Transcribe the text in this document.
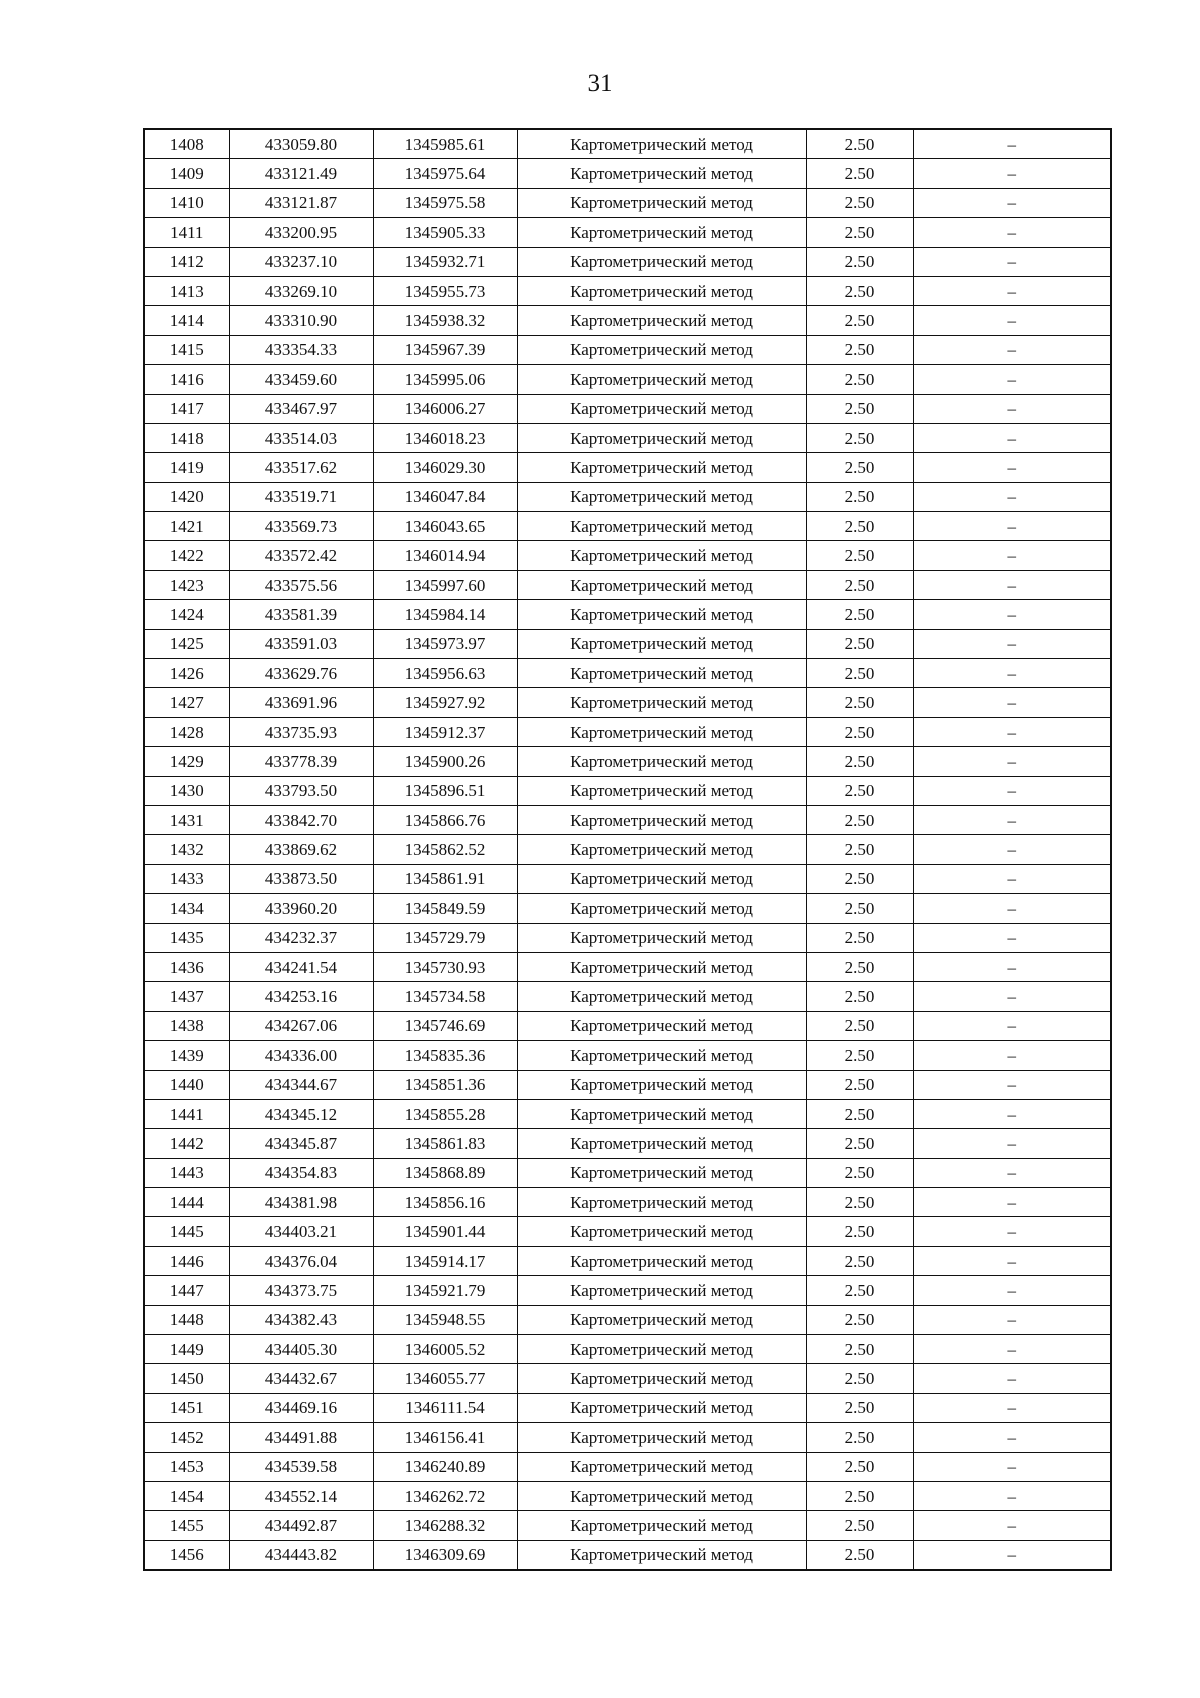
31
1408	433059.80	1345985.61	Картометрический метод	2.50	–
1409	433121.49	1345975.64	Картометрический метод	2.50	–
1410	433121.87	1345975.58	Картометрический метод	2.50	–
1411	433200.95	1345905.33	Картометрический метод	2.50	–
1412	433237.10	1345932.71	Картометрический метод	2.50	–
1413	433269.10	1345955.73	Картометрический метод	2.50	–
1414	433310.90	1345938.32	Картометрический метод	2.50	–
1415	433354.33	1345967.39	Картометрический метод	2.50	–
1416	433459.60	1345995.06	Картометрический метод	2.50	–
1417	433467.97	1346006.27	Картометрический метод	2.50	–
1418	433514.03	1346018.23	Картометрический метод	2.50	–
1419	433517.62	1346029.30	Картометрический метод	2.50	–
1420	433519.71	1346047.84	Картометрический метод	2.50	–
1421	433569.73	1346043.65	Картометрический метод	2.50	–
1422	433572.42	1346014.94	Картометрический метод	2.50	–
1423	433575.56	1345997.60	Картометрический метод	2.50	–
1424	433581.39	1345984.14	Картометрический метод	2.50	–
1425	433591.03	1345973.97	Картометрический метод	2.50	–
1426	433629.76	1345956.63	Картометрический метод	2.50	–
1427	433691.96	1345927.92	Картометрический метод	2.50	–
1428	433735.93	1345912.37	Картометрический метод	2.50	–
1429	433778.39	1345900.26	Картометрический метод	2.50	–
1430	433793.50	1345896.51	Картометрический метод	2.50	–
1431	433842.70	1345866.76	Картометрический метод	2.50	–
1432	433869.62	1345862.52	Картометрический метод	2.50	–
1433	433873.50	1345861.91	Картометрический метод	2.50	–
1434	433960.20	1345849.59	Картометрический метод	2.50	–
1435	434232.37	1345729.79	Картометрический метод	2.50	–
1436	434241.54	1345730.93	Картометрический метод	2.50	–
1437	434253.16	1345734.58	Картометрический метод	2.50	–
1438	434267.06	1345746.69	Картометрический метод	2.50	–
1439	434336.00	1345835.36	Картометрический метод	2.50	–
1440	434344.67	1345851.36	Картометрический метод	2.50	–
1441	434345.12	1345855.28	Картометрический метод	2.50	–
1442	434345.87	1345861.83	Картометрический метод	2.50	–
1443	434354.83	1345868.89	Картометрический метод	2.50	–
1444	434381.98	1345856.16	Картометрический метод	2.50	–
1445	434403.21	1345901.44	Картометрический метод	2.50	–
1446	434376.04	1345914.17	Картометрический метод	2.50	–
1447	434373.75	1345921.79	Картометрический метод	2.50	–
1448	434382.43	1345948.55	Картометрический метод	2.50	–
1449	434405.30	1346005.52	Картометрический метод	2.50	–
1450	434432.67	1346055.77	Картометрический метод	2.50	–
1451	434469.16	1346111.54	Картометрический метод	2.50	–
1452	434491.88	1346156.41	Картометрический метод	2.50	–
1453	434539.58	1346240.89	Картометрический метод	2.50	–
1454	434552.14	1346262.72	Картометрический метод	2.50	–
1455	434492.87	1346288.32	Картометрический метод	2.50	–
1456	434443.82	1346309.69	Картометрический метод	2.50	–
